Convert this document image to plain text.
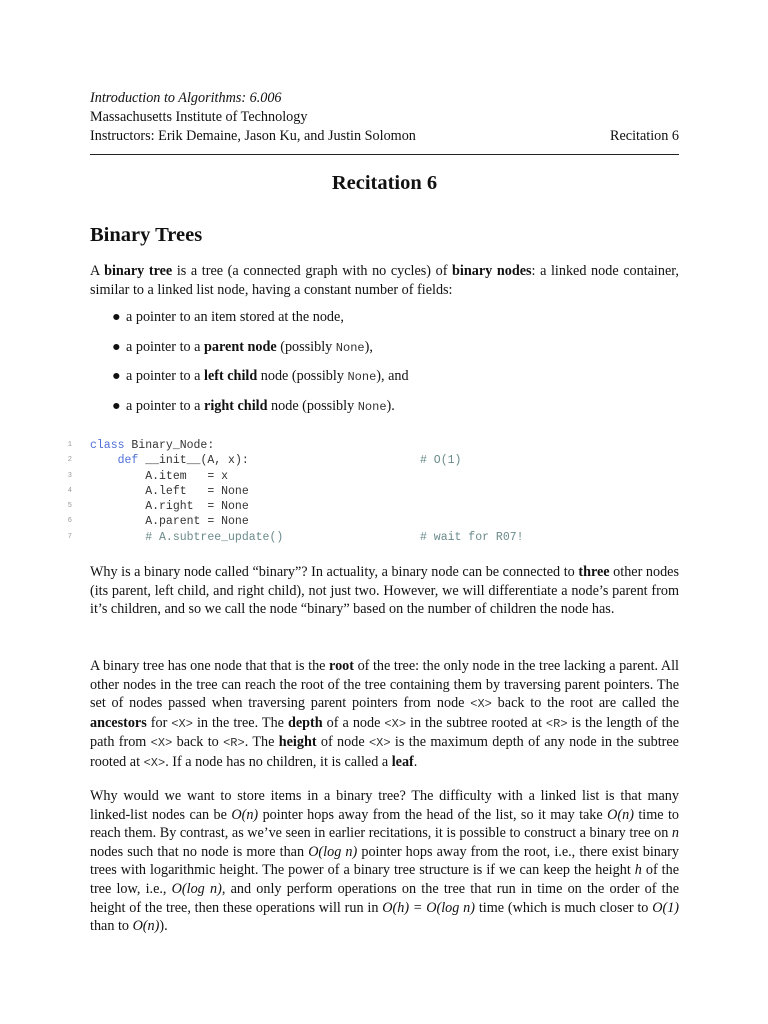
Introduction to Algorithms: 6.006
Massachusetts Institute of Technology
Instructors: Erik Demaine, Jason Ku, and Justin Solomon	Recitation 6
Recitation 6
Binary Trees
A binary tree is a tree (a connected graph with no cycles) of binary nodes: a linked node container, similar to a linked list node, having a constant number of fields:
● a pointer to an item stored at the node,
● a pointer to a parent node (possibly None),
● a pointer to a left child node (possibly None), and
● a pointer to a right child node (possibly None).
1 class Binary_Node:
2	def __init__(A, x):	# O(1)
3	A.item   = x
4	A.left   = None
5	A.right  = None
6	A.parent = None
7	# A.subtree_update()	# wait for R07!
Why is a binary node called “binary”? In actuality, a binary node can be connected to three other nodes (its parent, left child, and right child), not just two. However, we will differentiate a node’s parent from it’s children, and so we call the node “binary” based on the number of children the node has.
A binary tree has one node that that is the root of the tree: the only node in the tree lacking a parent. All other nodes in the tree can reach the root of the tree containing them by traversing parent pointers. The set of nodes passed when traversing parent pointers from node <X> back to the root are called the ancestors for <X> in the tree. The depth of a node <X> in the subtree rooted at <R> is the length of the path from <X> back to <R>. The height of node <X> is the maximum depth of any node in the subtree rooted at <X>. If a node has no children, it is called a leaf.
Why would we want to store items in a binary tree? The difficulty with a linked list is that many linked-list nodes can be O(n) pointer hops away from the head of the list, so it may take O(n) time to reach them. By contrast, as we’ve seen in earlier recitations, it is possible to construct a binary tree on n nodes such that no node is more than O(log n) pointer hops away from the root, i.e., there exist binary trees with logarithmic height. The power of a binary tree structure is if we can keep the height h of the tree low, i.e., O(log n), and only perform operations on the tree that run in time on the order of the height of the tree, then these operations will run in O(h) = O(log n) time (which is much closer to O(1) than to O(n)).
